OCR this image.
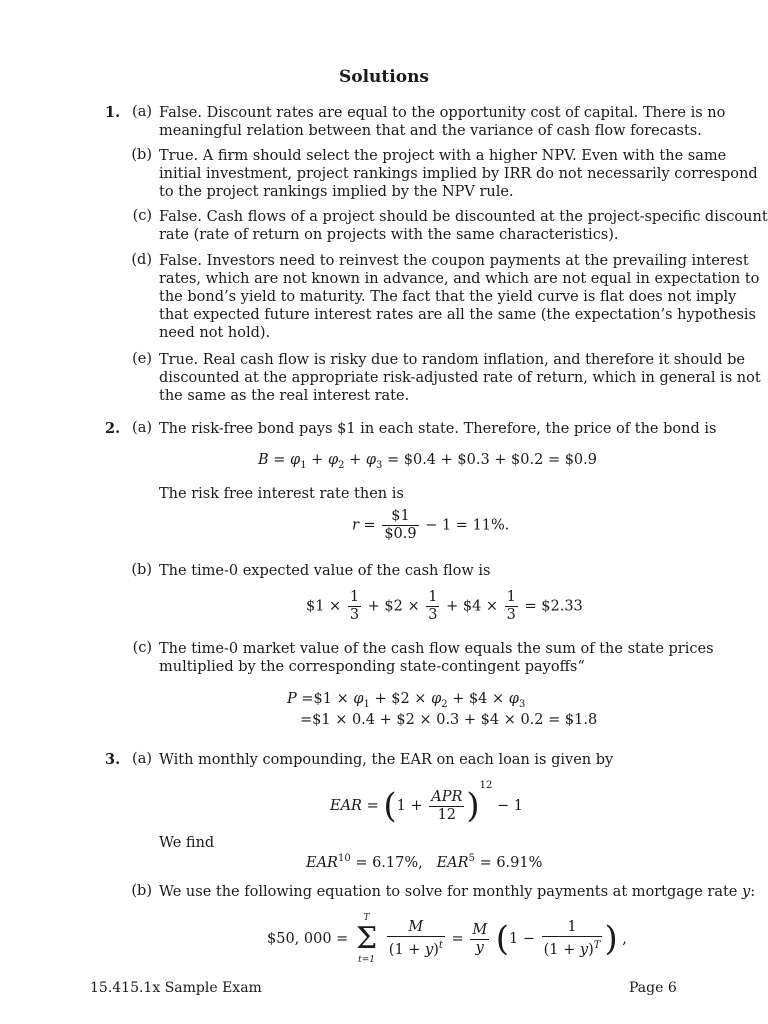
Solutions
1. (a) False. Discount rates are equal to the opportunity cost of capital. There is no
meaningful relation between that and the variance of cash flow forecasts.
(b) True. A firm should select the project with a higher NPV. Even with the same
initial investment, project rankings implied by IRR do not necessarily correspond
to the project rankings implied by the NPV rule.
(c) False. Cash flows of a project should be discounted at the project-specific discount
rate (rate of return on projects with the same characteristics).
(d) False. Investors need to reinvest the coupon payments at the prevailing interest
rates, which are not known in advance, and which are not equal in expectation to
the bond’s yield to maturity. The fact that the yield curve is flat does not imply
that expected future interest rates are all the same (the expectation’s hypothesis
need not hold).
(e) True. Real cash flow is risky due to random inflation, and therefore it should be
discounted at the appropriate risk-adjusted rate of return, which in general is not
the same as the real interest rate.
2. (a) The risk-free bond pays $1 in each state. Therefore, the price of the bond is
$B = \varphi_1 + \varphi_2 + \varphi_3$ = $0.4 + $0.3 + $0.2 = $0.9
The risk free interest rate then is
$r = \frac{\$1}{\$0.9} - 1 = 11\%$.
(b) The time-0 expected value of the cash flow is
$1 × $\frac{1}{3}$ + $2 × $\frac{1}{3}$ + $4 × $\frac{1}{3}$ = $2.33
(c) The time-0 market value of the cash flow equals the sum of the state prices
multiplied by the corresponding state-contingent payoffs“
P =$1 × $\varphi_1$ + $2 × $\varphi_2$ + $4 × $\varphi_3$
=$1 × 0.4 + $2 × 0.3 + $4 × 0.2 = $1.8
3. (a) With monthly compounding, the EAR on each loan is given by
EAR = $(1 + \frac{\text{APR}}{12} )^{12} - 1$
We find
$EAR^{10} = 6.17\%$, $EAR^5 = 6.91\%$
(b) We use the following equation to solve for monthly payments at mortgage rate y:
$50, 000 =
T
Σ
t=1

$\frac{M}{(1 + y)^t} = \frac{M}{y} (1 - \frac{1}{(1 + y)^T}$ ) ,
15.415.1x Sample Exam	Page 6
